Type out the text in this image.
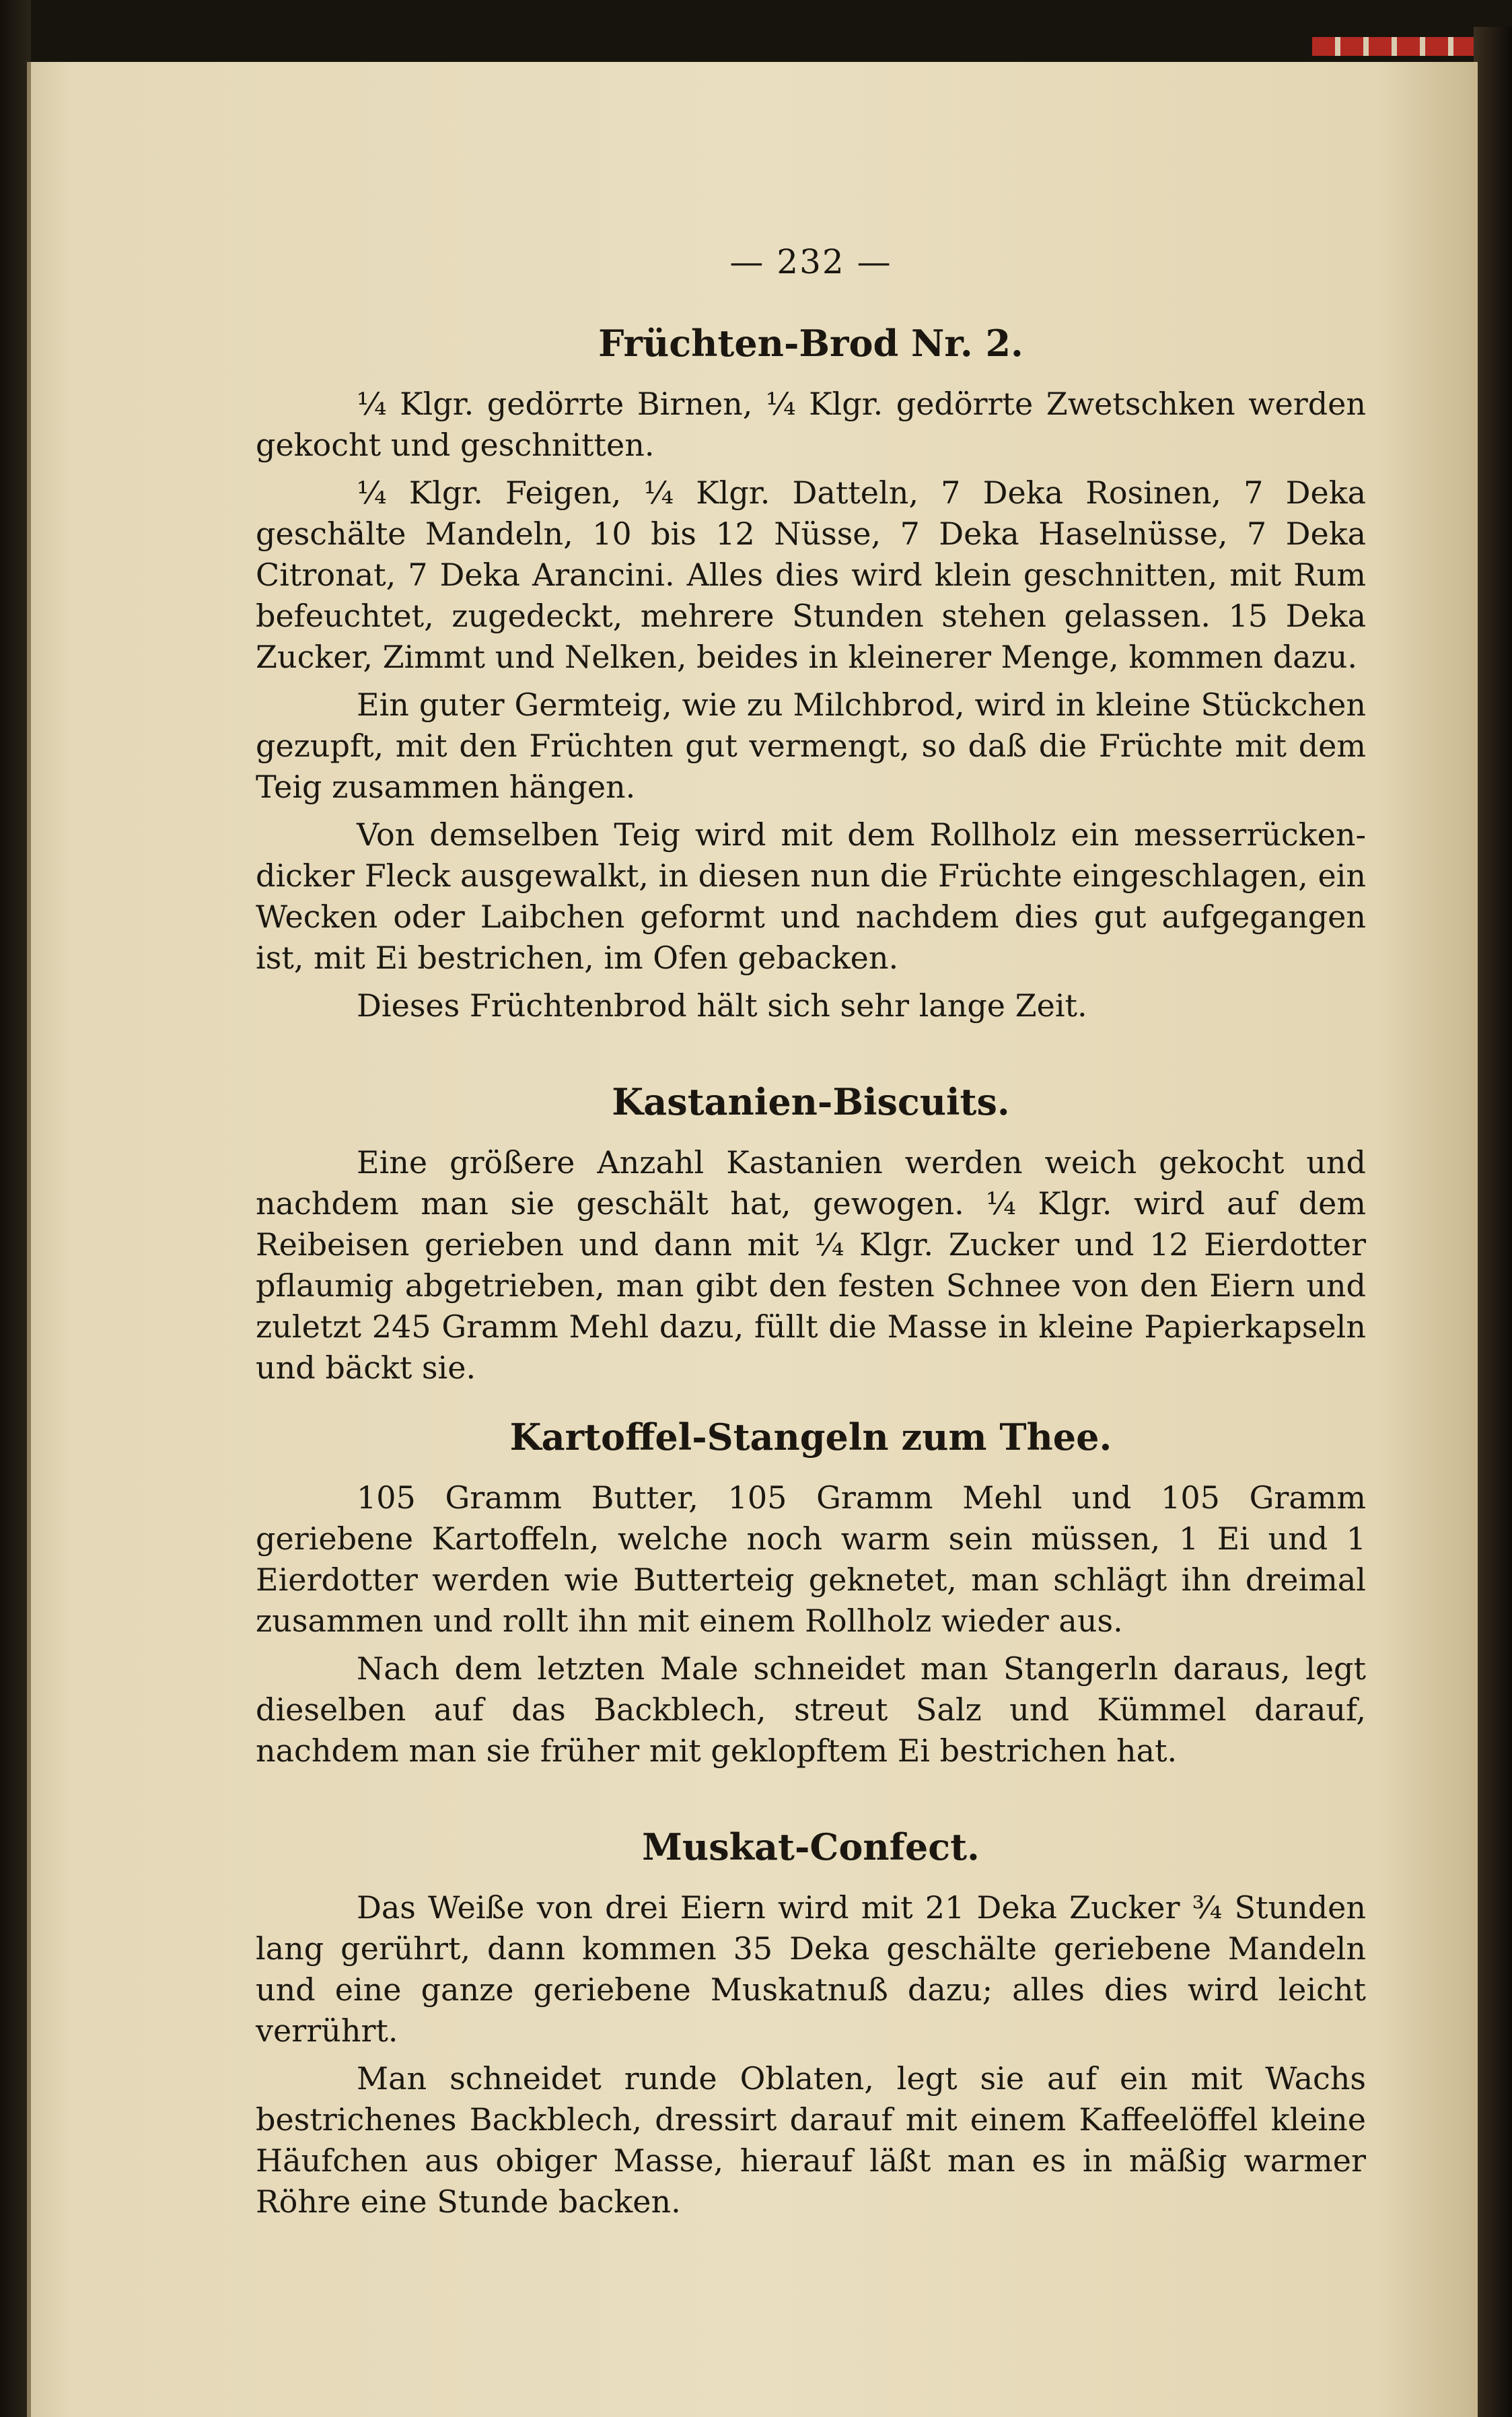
— 232 —
Früchten-Brod Nr. 2.

¼ Klgr. gedörrte Birnen, ¼ Klgr. gedörrte Zwetschken werden gekocht und geschnitten.

¼ Klgr. Feigen, ¼ Klgr. Datteln, 7 Deka Rosinen, 7 Deka geschälte Mandeln, 10 bis 12 Nüsse, 7 Deka Haselnüsse, 7 Deka Citronat, 7 Deka Arancini. Alles dies wird klein geschnitten, mit Rum befeuchtet, zugedeckt, mehrere Stunden stehen gelassen. 15 Deka Zucker, Zimmt und Nelken, beides in kleinerer Menge, kommen dazu.

Ein guter Germteig, wie zu Milchbrod, wird in kleine Stückchen gezupft, mit den Früchten gut vermengt, so daß die Früchte mit dem Teig zusammen hängen.

Von demselben Teig wird mit dem Rollholz ein messerrücken-dicker Fleck ausgewalkt, in diesen nun die Früchte eingeschlagen, ein Wecken oder Laibchen geformt und nachdem dies gut aufgegangen ist, mit Ei bestrichen, im Ofen gebacken.

Dieses Früchtenbrod hält sich sehr lange Zeit.

Kastanien-Biscuits.

Eine größere Anzahl Kastanien werden weich gekocht und nachdem man sie geschält hat, gewogen. ¼ Klgr. wird auf dem Reibeisen gerieben und dann mit ¼ Klgr. Zucker und 12 Eierdotter pflaumig abgetrieben, man gibt den festen Schnee von den Eiern und zuletzt 245 Gramm Mehl dazu, füllt die Masse in kleine Papierkapseln und bäckt sie.

Kartoffel-Stangeln zum Thee.

105 Gramm Butter, 105 Gramm Mehl und 105 Gramm geriebene Kartoffeln, welche noch warm sein müssen, 1 Ei und 1 Eierdotter werden wie Butterteig geknetet, man schlägt ihn dreimal zusammen und rollt ihn mit einem Rollholz wieder aus.

Nach dem letzten Male schneidet man Stangerln daraus, legt dieselben auf das Backblech, streut Salz und Kümmel darauf, nachdem man sie früher mit geklopftem Ei bestrichen hat.

Muskat-Confect.

Das Weiße von drei Eiern wird mit 21 Deka Zucker ¾ Stunden lang gerührt, dann kommen 35 Deka geschälte geriebene Mandeln und eine ganze geriebene Muskatnuß dazu; alles dies wird leicht verrührt.

Man schneidet runde Oblaten, legt sie auf ein mit Wachs bestrichenes Backblech, dressirt darauf mit einem Kaffeelöffel kleine Häufchen aus obiger Masse, hierauf läßt man es in mäßig warmer Röhre eine Stunde backen.
